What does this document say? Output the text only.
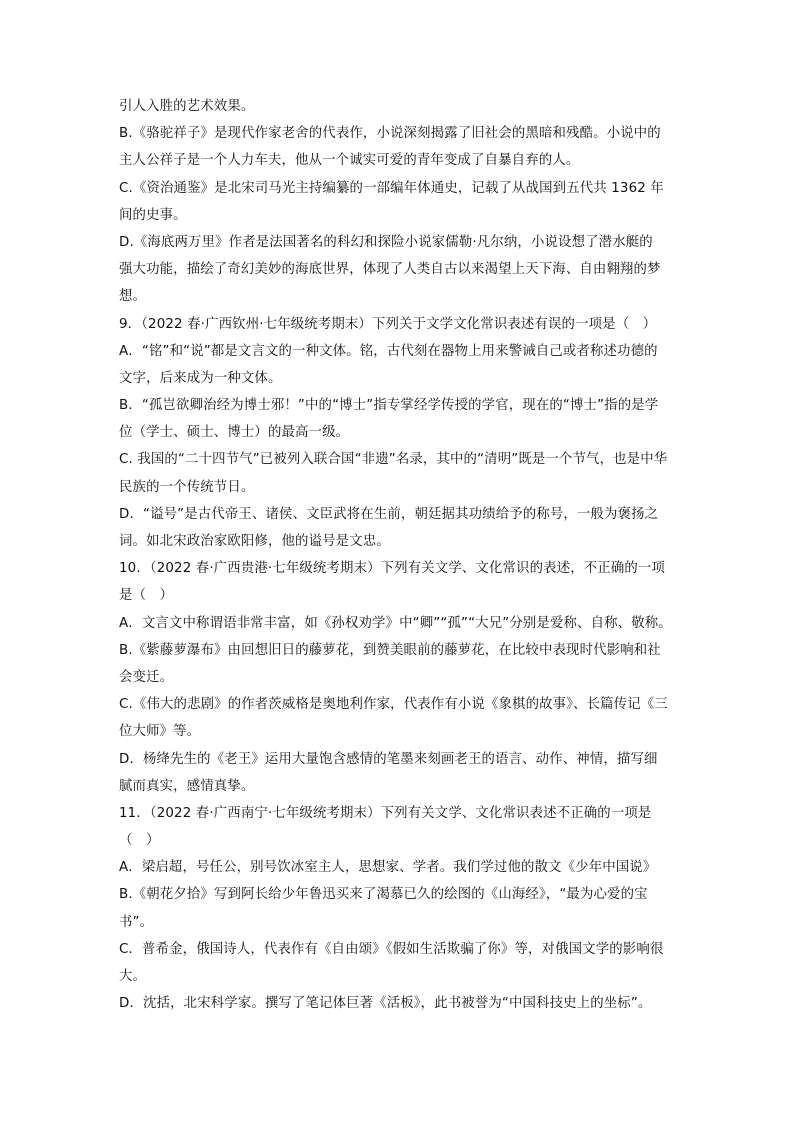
引人入胜的艺术效果。
B.《骆驼祥子》是现代作家老舍的代表作，小说深刻揭露了旧社会的黑暗和残酷。小说中的
主人公祥子是一个人力车夫，他从一个诚实可爱的青年变成了自暴自弃的人。
C.《资治通鉴》是北宋司马光主持编纂的一部编年体通史，记载了从战国到五代共 1362 年
间的史事。
D.《海底两万里》作者是法国著名的科幻和探险小说家儒勒·凡尔纳，小说设想了潜水艇的
强大功能，描绘了奇幻美妙的海底世界，体现了人类自古以来渴望上天下海、自由翱翔的梦
想。
9．（2022 春·广西钦州·七年级统考期末）下列关于文学文化常识表述有误的一项是（　）
A．“铭”和“说”都是文言文的一种文体。铭，古代刻在器物上用来警诫自己或者称述功德的
文字，后来成为一种文体。
B．“孤岂欲卿治经为博士邪！”中的“博士”指专掌经学传授的学官，现在的“博士”指的是学
位（学士、硕士、博士）的最高一级。
C. 我国的“二十四节气”已被列入联合国“非遗”名录，其中的“清明”既是一个节气，也是中华
民族的一个传统节日。
D．“谥号”是古代帝王、诸侯、文臣武将在生前，朝廷据其功绩给予的称号，一般为褒扬之
词。如北宋政治家欧阳修，他的谥号是文忠。
10．（2022 春·广西贵港·七年级统考期末）下列有关文学、文化常识的表述，不正确的一项
是（　）
A．文言文中称谓语非常丰富，如《孙权劝学》中“卿”“孤”“大兄”分别是爱称、自称、敬称。
B.《紫藤萝瀑布》由回想旧日的藤萝花，到赞美眼前的藤萝花，在比较中表现时代影响和社
会变迁。
C.《伟大的悲剧》的作者茨威格是奥地利作家，代表作有小说《象棋的故事》、长篇传记《三
位大师》等。
D．杨绛先生的《老王》运用大量饱含感情的笔墨来刻画老王的语言、动作、神情，描写细
腻而真实，感情真挚。
11．（2022 春·广西南宁·七年级统考期末）下列有关文学、文化常识表述不正确的一项是
（　）
A．梁启超，号任公，别号饮冰室主人，思想家、学者。我们学过他的散文《少年中国说》
B.《朝花夕拾》写到阿长给少年鲁迅买来了渴慕已久的绘图的《山海经》，“最为心爱的宝
书”。
C．普希金，俄国诗人，代表作有《自由颂》《假如生活欺骗了你》等，对俄国文学的影响很
大。
D．沈括，北宋科学家。撰写了笔记体巨著《活板》，此书被誉为“中国科技史上的坐标”。
